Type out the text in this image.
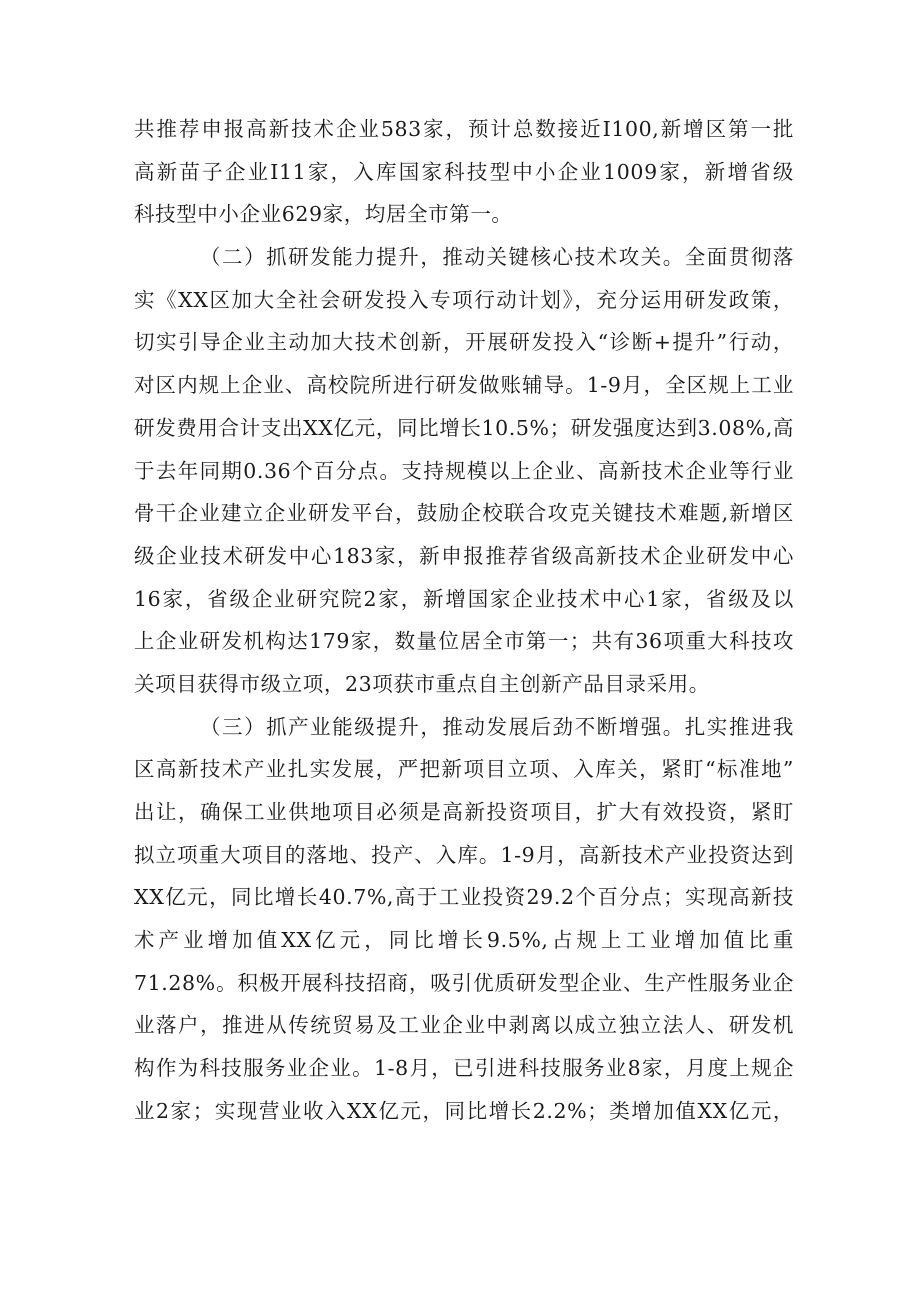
共推荐申报高新技术企业583家，预计总数接近I100,新增区第一批
高新苗子企业I11家，入库国家科技型中小企业1009家，新增省级
科技型中小企业629家，均居全市第一。
（二）抓研发能力提升，推动关键核心技术攻关。全面贯彻落
实《XX区加大全社会研发投入专项行动计划》，充分运用研发政策，
切实引导企业主动加大技术创新，开展研发投入“诊断+提升”行动，
对区内规上企业、高校院所进行研发做账辅导。1-9月，全区规上工业
研发费用合计支出XX亿元，同比增长10.5%；研发强度达到3.08%,高
于去年同期0.36个百分点。支持规模以上企业、高新技术企业等行业
骨干企业建立企业研发平台，鼓励企校联合攻克关键技术难题,新增区
级企业技术研发中心183家，新申报推荐省级高新技术企业研发中心
16家，省级企业研究院2家，新增国家企业技术中心1家，省级及以
上企业研发机构达179家，数量位居全市第一；共有36项重大科技攻
关项目获得市级立项，23项获市重点自主创新产品目录采用。
（三）抓产业能级提升，推动发展后劲不断增强。扎实推进我
区高新技术产业扎实发展，严把新项目立项、入库关，紧盯“标准地”
出让，确保工业供地项目必须是高新投资项目，扩大有效投资，紧盯
拟立项重大项目的落地、投产、入库。1-9月，高新技术产业投资达到
XX亿元，同比增长40.7%,高于工业投资29.2个百分点；实现高新技
术产业增加值XX亿元，同比增长9.5%,占规上工业增加值比重
71.28%。积极开展科技招商，吸引优质研发型企业、生产性服务业企
业落户，推进从传统贸易及工业企业中剥离以成立独立法人、研发机
构作为科技服务业企业。1-8月，已引进科技服务业8家，月度上规企
业2家；实现营业收入XX亿元，同比增长2.2%；类增加值XX亿元，
